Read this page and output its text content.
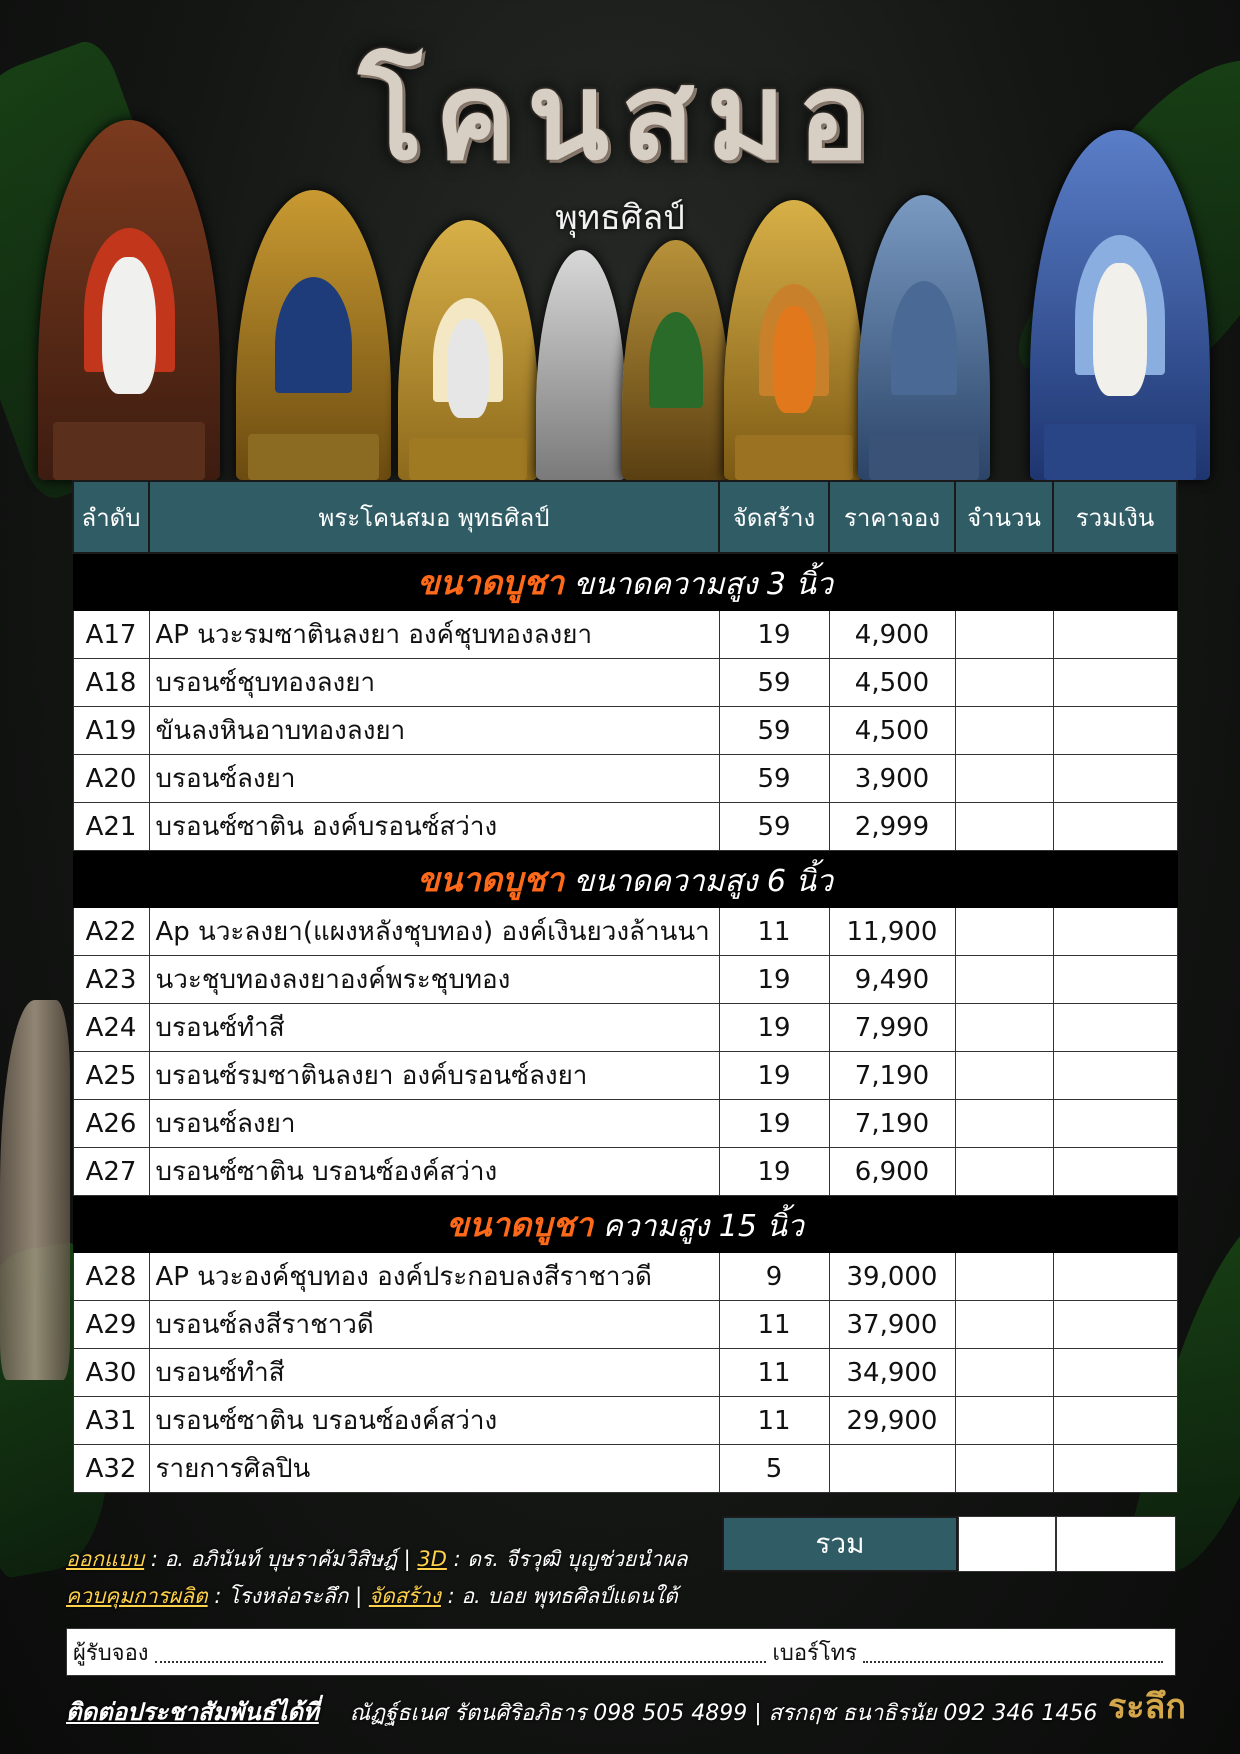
โคนสมอ
พุทธศิลป์
ลำดับ	พระโคนสมอ พุทธศิลป์	จัดสร้าง	ราคาจอง	จำนวน	รวมเงิน
ขนาดบูชา ขนาดความสูง 3 นิ้ว					
A17	AP นวะรมซาตินลงยา องค์ชุบทองลงยา	19	4,900		
A18	บรอนซ์ชุบทองลงยา	59	4,500		
A19	ขันลงหินอาบทองลงยา	59	4,500		
A20	บรอนซ์ลงยา	59	3,900		
A21	บรอนซ์ซาติน องค์บรอนซ์สว่าง	59	2,999		
ขนาดบูชา ขนาดความสูง 6 นิ้ว					
A22	Ap นวะลงยา(แผงหลังชุบทอง) องค์เงินยวงล้านนา	11	11,900		
A23	นวะชุบทองลงยาองค์พระชุบทอง	19	9,490		
A24	บรอนซ์ทำสี	19	7,990		
A25	บรอนซ์รมซาตินลงยา องค์บรอนซ์ลงยา	19	7,190		
A26	บรอนซ์ลงยา	19	7,190		
A27	บรอนซ์ซาติน บรอนซ์องค์สว่าง	19	6,900		
ขนาดบูชา ความสูง 15 นิ้ว					
A28	AP นวะองค์ชุบทอง องค์ประกอบลงสีราชาวดี	9	39,000		
A29	บรอนซ์ลงสีราชาวดี	11	37,900		
A30	บรอนซ์ทำสี	11	34,900		
A31	บรอนซ์ซาติน บรอนซ์องค์สว่าง	11	29,900		
A32	รายการศิลปิน	5			
รวม
ออกแบบ : อ. อภินันท์ บุษราคัมวิสิษฎ์ | 3D : ดร. จีรวุฒิ บุญช่วยนำผล
ควบคุมการผลิต : โรงหล่อระลึก | จัดสร้าง : อ. บอย พุทธศิลป์แดนใต้
ผู้รับจอง	เบอร์โทร
ติดต่อประชาสัมพันธ์ได้ที่ ณัฏฐ์ธเนศ รัตนศิริอภิธาร 098 505 4899 | สรกฤช ธนาธิรนัย 092 346 1456 ระลึก
